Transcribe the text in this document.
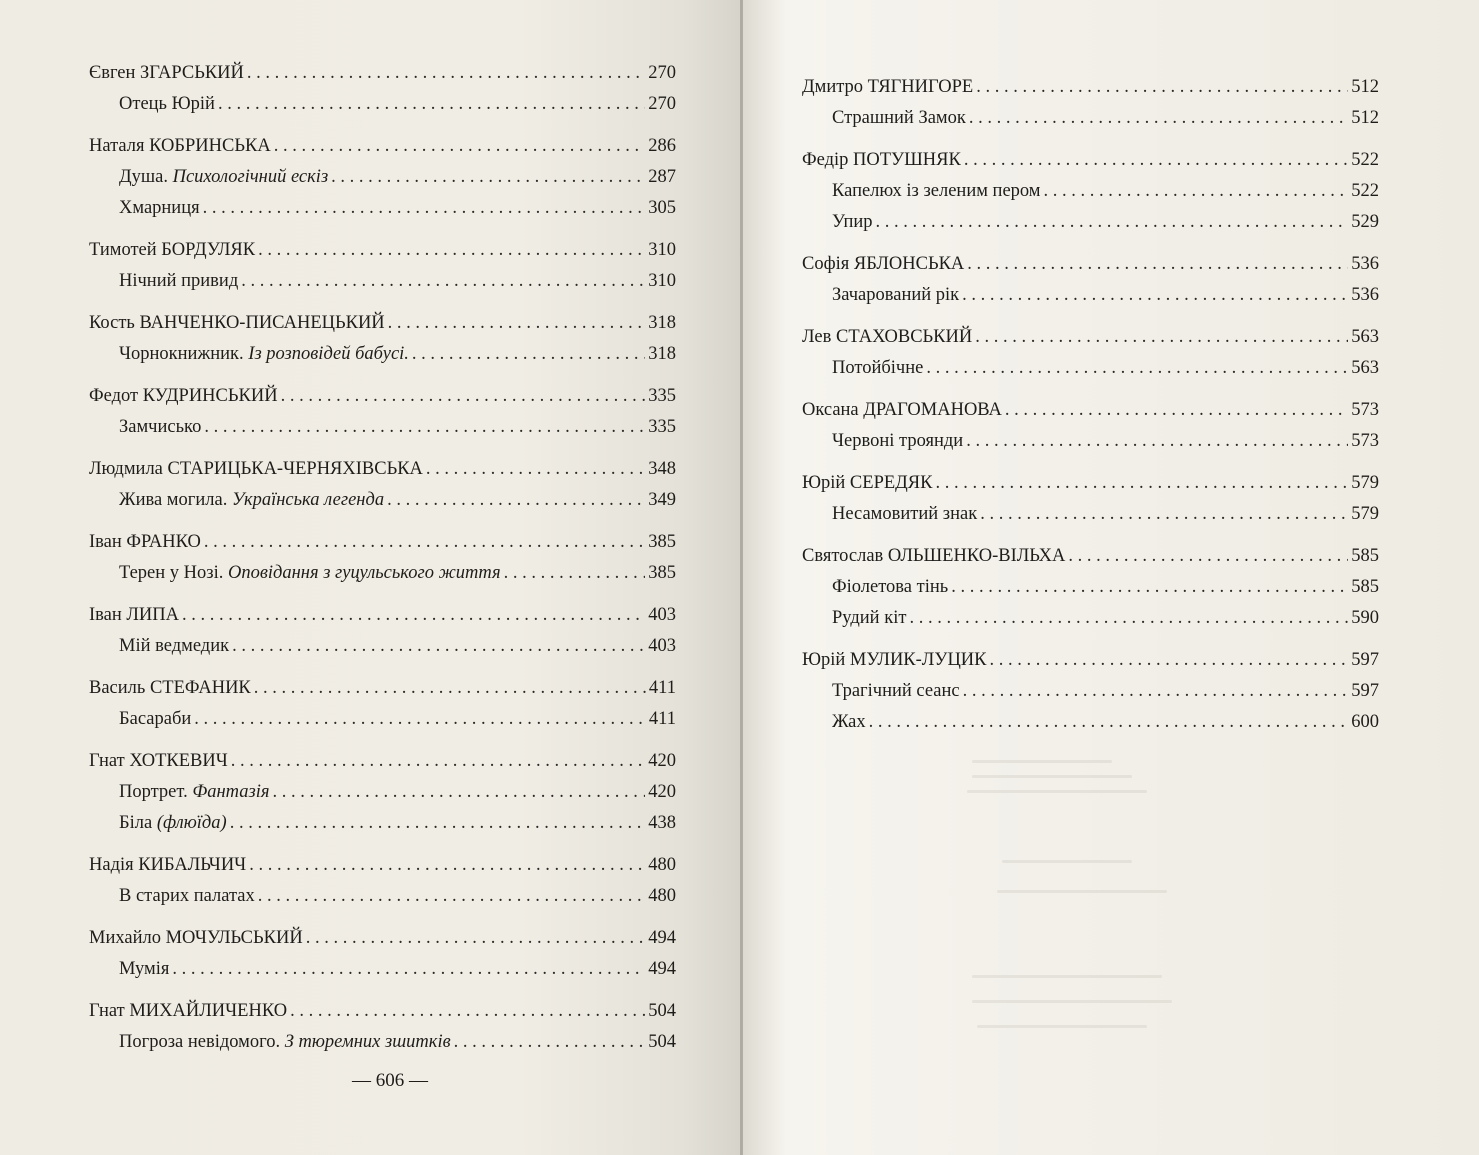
Євген ЗГАРСЬКИЙ . . .	270
Отець Юрій . . .	270
Наталя КОБРИНСЬКА . . .	286
Душа. Психологічний ескіз . . .	287
Хмарниця . . .	305
Тимотей БОРДУЛЯК . . .	310
Нічний привид . . .	310
Кость ВАНЧЕНКО-ПИСАНЕЦЬКИЙ . . .	318
Чорнокнижник. Із розповідей бабусі. . . .	318
Федот КУДРИНСЬКИЙ . . .	335
Замчисько . . .	335
Людмила СТАРИЦЬКА-ЧЕРНЯХІВСЬКА . . .	348
Жива могила. Українська легенда . . .	349
Іван ФРАНКО . . .	385
Терен у Нозі. Оповідання з гуцульського життя . . .	385
Іван ЛИПА . . .	403
Мій ведмедик . . .	403
Василь СТЕФАНИК . . .	411
Басараби . . .	411
Гнат ХОТКЕВИЧ . . .	420
Портрет. Фантазія . . .	420
Біла (флюїда) . . .	438
Надія КИБАЛЬЧИЧ . . .	480
В старих палатах . . .	480
Михайло МОЧУЛЬСЬКИЙ . . .	494
Мумія . . .	494
Гнат МИХАЙЛИЧЕНКО . . .	504
Погроза невідомого. З тюремних зшитків . . .	504
Дмитро ТЯГНИГОРЕ . . .	512
Страшний Замок . . .	512
Федір ПОТУШНЯК . . .	522
Капелюх із зеленим пером . . .	522
Упир . . .	529
Софія ЯБЛОНСЬКА . . .	536
Зачарований рік . . .	536
Лев СТАХОВСЬКИЙ . . .	563
Потойбічне . . .	563
Оксана ДРАГОМАНОВА . . .	573
Червоні троянди . . .	573
Юрій СЕРЕДЯК . . .	579
Несамовитий знак . . .	579
Святослав ОЛЬШЕНКО-ВІЛЬХА . . .	585
Фіолетова тінь . . .	585
Рудий кіт . . .	590
Юрій МУЛИК-ЛУЦИК . . .	597
Трагічний сеанс . . .	597
Жах . . .	600
— 606 —
